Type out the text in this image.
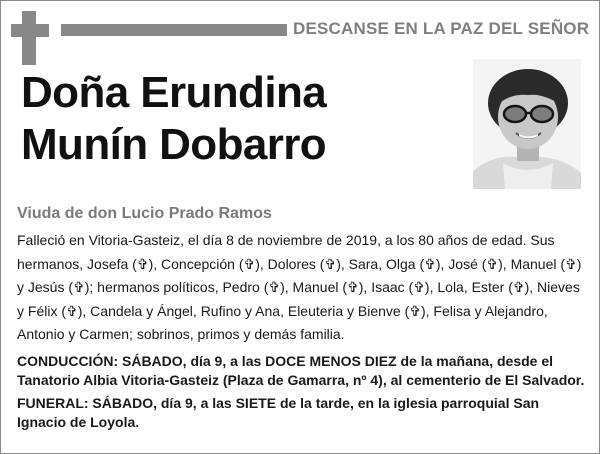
DESCANSE EN LA PAZ DEL SEÑOR
Doña Erundina
Munín Dobarro
Viuda de don Lucio Prado Ramos

Falleció en Vitoria-Gasteiz, el día 8 de noviembre de 2019, a los 80 años de edad. Sus hermanos, Josefa (✞), Concepción (✞), Dolores (✞), Sara, Olga (✞), José (✞), Manuel (✞) y Jesús (✞); hermanos políticos, Pedro (✞), Manuel (✞), Isaac (✞), Lola, Ester (✞), Nieves y Félix (✞), Candela y Ángel, Rufino y Ana, Eleuteria y Bienve (✞), Felisa y Alejandro, Antonio y Carmen; sobrinos, primos y demás familia.

CONDUCCIÓN: SÁBADO, día 9, a las DOCE MENOS DIEZ de la mañana, desde el Tanatorio Albia Vitoria-Gasteiz (Plaza de Gamarra, nº 4), al cementerio de El Salvador.

FUNERAL: SÁBADO, día 9, a las SIETE de la tarde, en la iglesia parroquial San Ignacio de Loyola.
